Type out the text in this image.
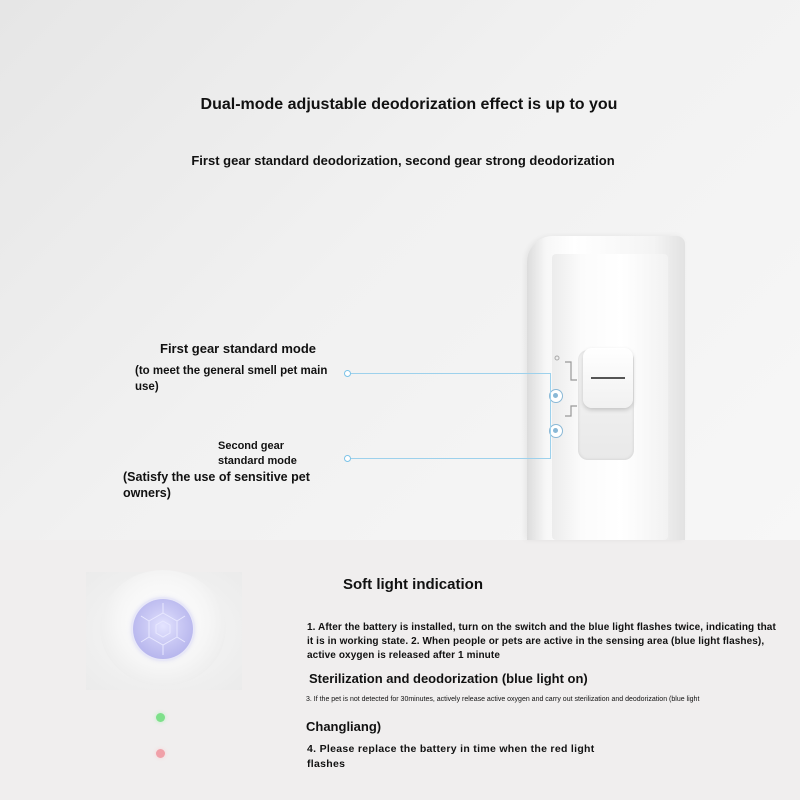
Dual-mode adjustable deodorization effect is up to you
First gear standard deodorization, second gear strong deodorization
First gear standard mode
(to meet the general smell pet main use)
Second gear standard mode
(Satisfy the use of sensitive pet owners)
Soft light indication
1. After the battery is installed, turn on the switch and the blue light flashes twice, indicating that it is in working state. 2. When people or pets are active in the sensing area (blue light flashes), active oxygen is released after 1 minute
Sterilization and deodorization (blue light on)
3. If the pet is not detected for 30minutes, actively release active oxygen and carry out sterilization and deodorization (blue light
Changliang)
4. Please replace the battery in time when the red light flashes
